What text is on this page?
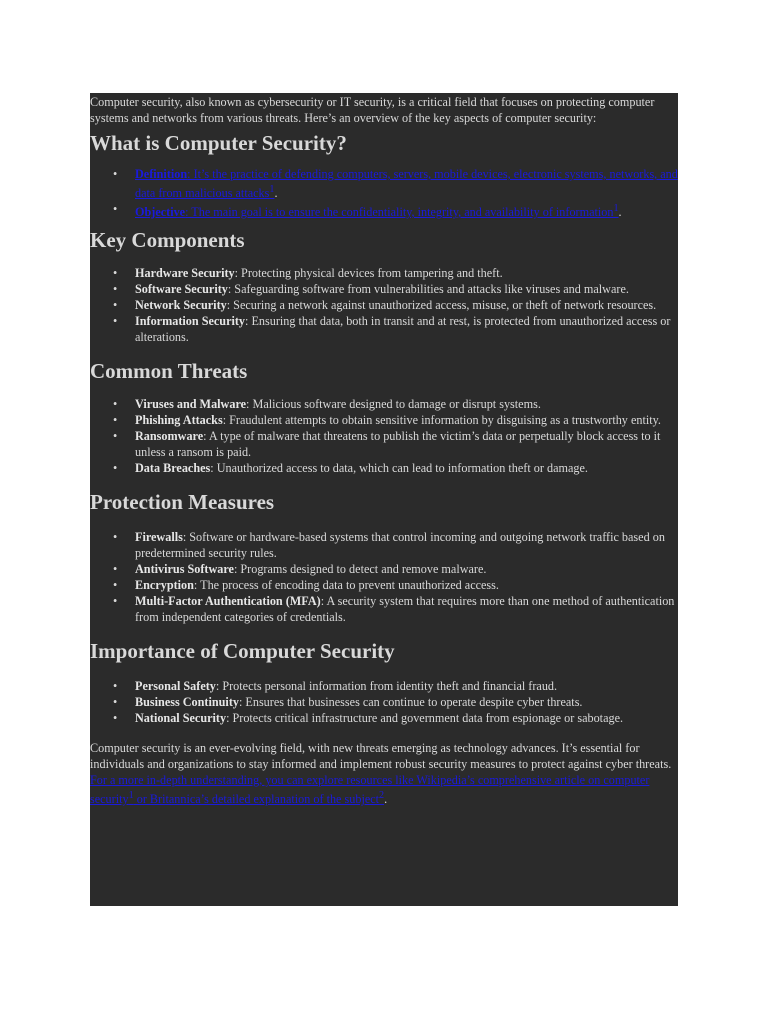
Computer security, also known as cybersecurity or IT security, is a critical field that focuses on protecting computer systems and networks from various threats. Here’s an overview of the key aspects of computer security:

What is Computer Security?
• Definition: It’s the practice of defending computers, servers, mobile devices, electronic systems, networks, and data from malicious attacks$^1$.
• Objective: The main goal is to ensure the confidentiality, integrity, and availability of information$^1$.
Key Components
• Hardware Security: Protecting physical devices from tampering and theft.
• Software Security: Safeguarding software from vulnerabilities and attacks like viruses and malware.
• Network Security: Securing a network against unauthorized access, misuse, or theft of network resources.
• Information Security: Ensuring that data, both in transit and at rest, is protected from unauthorized access or alterations.
Common Threats
• Viruses and Malware: Malicious software designed to damage or disrupt systems.
• Phishing Attacks: Fraudulent attempts to obtain sensitive information by disguising as a trustworthy entity.
• Ransomware: A type of malware that threatens to publish the victim’s data or perpetually block access to it unless a ransom is paid.
• Data Breaches: Unauthorized access to data, which can lead to information theft or damage.
Protection Measures
• Firewalls: Software or hardware-based systems that control incoming and outgoing network traffic based on predetermined security rules.
• Antivirus Software: Programs designed to detect and remove malware.
• Encryption: The process of encoding data to prevent unauthorized access.
• Multi-Factor Authentication (MFA): A security system that requires more than one method of authentication from independent categories of credentials.
Importance of Computer Security
• Personal Safety: Protects personal information from identity theft and financial fraud.
• Business Continuity: Ensures that businesses can continue to operate despite cyber threats.
• National Security: Protects critical infrastructure and government data from espionage or sabotage.

Computer security is an ever-evolving field, with new threats emerging as technology advances. It’s essential for individuals and organizations to stay informed and implement robust security measures to protect against cyber threats. For a more in-depth understanding, you can explore resources like Wikipedia’s comprehensive article on computer security$^1$ or Britannica’s detailed explanation of the subject$^2$.
